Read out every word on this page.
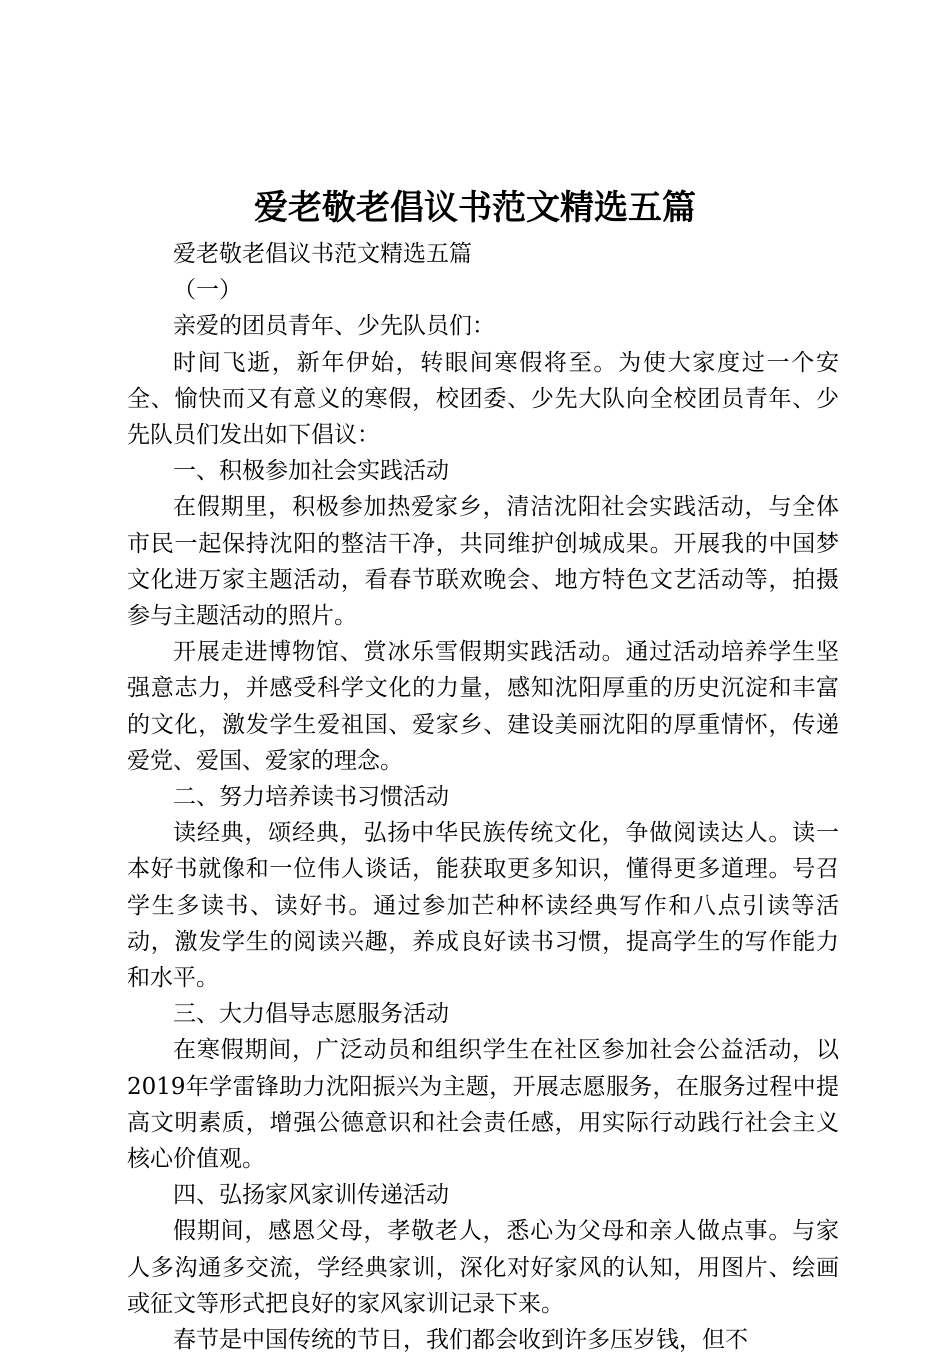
爱老敬老倡议书范文精选五篇

爱老敬老倡议书范文精选五篇

（一）

亲爱的团员青年、少先队员们：

时间飞逝，新年伊始，转眼间寒假将至。为使大家度过一个安全、愉快而又有意义的寒假，校团委、少先大队向全校团员青年、少先队员们发出如下倡议：

一、积极参加社会实践活动

在假期里，积极参加热爱家乡，清洁沈阳社会实践活动，与全体市民一起保持沈阳的整洁干净，共同维护创城成果。开展我的中国梦文化进万家主题活动，看春节联欢晚会、地方特色文艺活动等，拍摄参与主题活动的照片。

开展走进博物馆、赏冰乐雪假期实践活动。通过活动培养学生坚强意志力，并感受科学文化的力量，感知沈阳厚重的历史沉淀和丰富的文化，激发学生爱祖国、爱家乡、建设美丽沈阳的厚重情怀，传递爱党、爱国、爱家的理念。

二、努力培养读书习惯活动

读经典，颂经典，弘扬中华民族传统文化，争做阅读达人。读一本好书就像和一位伟人谈话，能获取更多知识，懂得更多道理。号召学生多读书、读好书。通过参加芒种杯读经典写作和八点引读等活动，激发学生的阅读兴趣，养成良好读书习惯，提高学生的写作能力和水平。

三、大力倡导志愿服务活动

在寒假期间，广泛动员和组织学生在社区参加社会公益活动，以2019年学雷锋助力沈阳振兴为主题，开展志愿服务，在服务过程中提高文明素质，增强公德意识和社会责任感，用实际行动践行社会主义核心价值观。

四、弘扬家风家训传递活动

假期间，感恩父母，孝敬老人，悉心为父母和亲人做点事。与家人多沟通多交流，学经典家训，深化对好家风的认知，用图片、绘画或征文等形式把良好的家风家训记录下来。

春节是中国传统的节日，我们都会收到许多压岁钱，但不
